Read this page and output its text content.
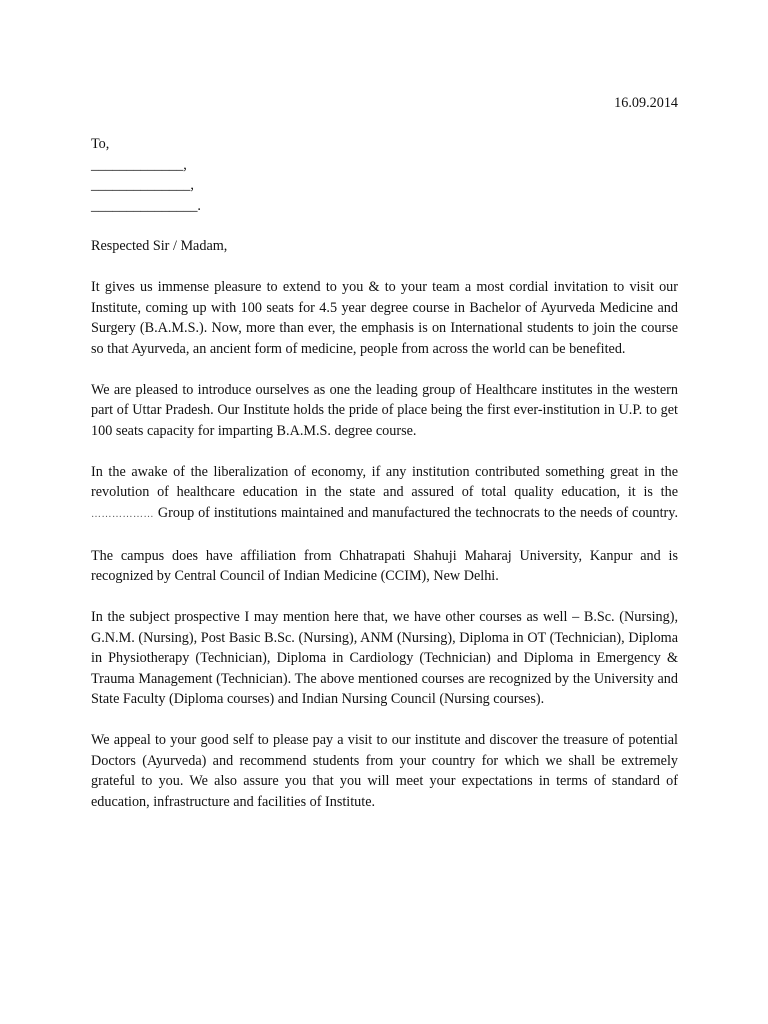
16.09.2014
To,
_____________,
______________,
_______________.
Respected Sir / Madam,

It gives us immense pleasure to extend to you & to your team a most cordial invitation to visit our Institute, coming up with 100 seats for 4.5 year degree course in Bachelor of Ayurveda Medicine and Surgery (B.A.M.S.). Now, more than ever, the emphasis is on International students to join the course so that Ayurveda, an ancient form of medicine, people from across the world can be benefited.

We are pleased to introduce ourselves as one the leading group of Healthcare institutes in the western part of Uttar Pradesh. Our Institute holds the pride of place being the first ever-institution in U.P. to get 100 seats capacity for imparting B.A.M.S. degree course.

In the awake of the liberalization of economy, if any institution contributed something great in the revolution of healthcare education in the state and assured of total quality education, it is the ……………… Group of institutions maintained and manufactured the technocrats to the needs of country.

The campus does have affiliation from Chhatrapati Shahuji Maharaj University, Kanpur and is recognized by Central Council of Indian Medicine (CCIM), New Delhi.

In the subject prospective I may mention here that, we have other courses as well – B.Sc. (Nursing), G.N.M. (Nursing), Post Basic B.Sc. (Nursing), ANM (Nursing), Diploma in OT (Technician), Diploma in Physiotherapy (Technician), Diploma in Cardiology (Technician) and Diploma in Emergency & Trauma Management (Technician). The above mentioned courses are recognized by the University and State Faculty (Diploma courses) and Indian Nursing Council (Nursing courses).

We appeal to your good self to please pay a visit to our institute and discover the treasure of potential Doctors (Ayurveda) and recommend students from your country for which we shall be extremely grateful to you. We also assure you that you will meet your expectations in terms of standard of education, infrastructure and facilities of Institute.
